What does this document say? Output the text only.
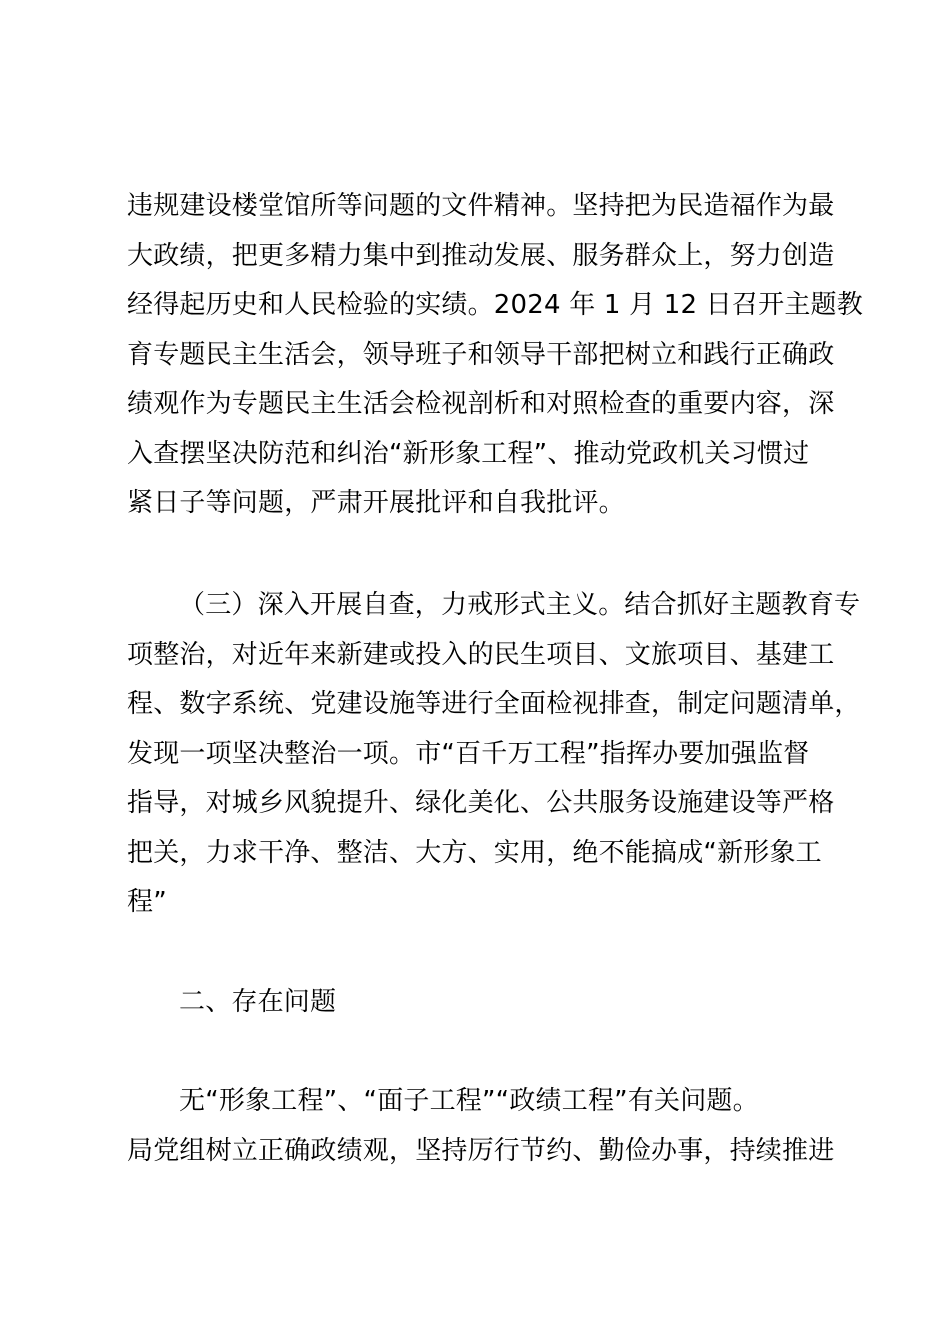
违规建设楼堂馆所等问题的文件精神。坚持把为民造福作为最
大政绩，把更多精力集中到推动发展、服务群众上，努力创造
经得起历史和人民检验的实绩。2024 年 1 月 12 日召开主题教
育专题民主生活会，领导班子和领导干部把树立和践行正确政
绩观作为专题民主生活会检视剖析和对照检查的重要内容，深
入查摆坚决防范和纠治“新形象工程”、推动党政机关习惯过
紧日子等问题，严肃开展批评和自我批评。
（三）深入开展自查，力戒形式主义。结合抓好主题教育专
项整治，对近年来新建或投入的民生项目、文旅项目、基建工
程、数字系统、党建设施等进行全面检视排查，制定问题清单，
发现一项坚决整治一项。市“百千万工程”指挥办要加强监督
指导，对城乡风貌提升、绿化美化、公共服务设施建设等严格
把关，力求干净、整洁、大方、实用，绝不能搞成“新形象工
程”
二、存在问题
无“形象工程”、“面子工程”“政绩工程”有关问题。
局党组树立正确政绩观，坚持厉行节约、勤俭办事，持续推进
